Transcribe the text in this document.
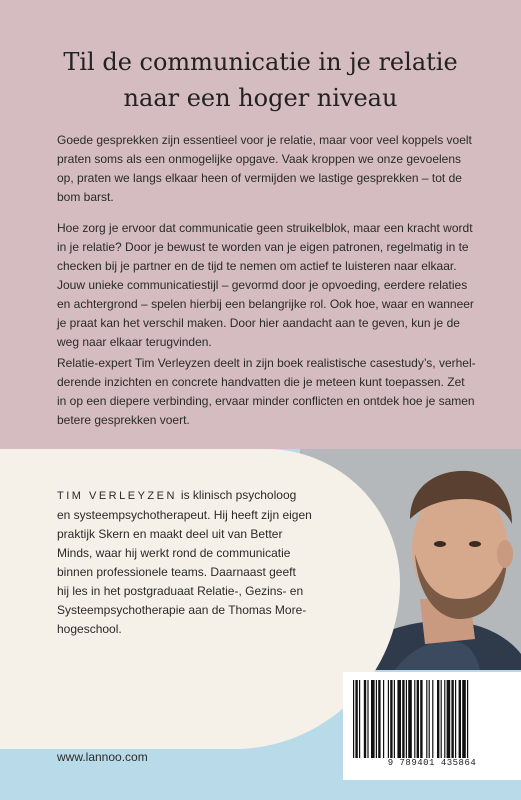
Til de communicatie in je relatie
naar een hoger niveau
Goede gesprekken zijn essentieel voor je relatie, maar voor veel koppels voelt
praten soms als een onmogelijke opgave. Vaak kroppen we onze gevoelens
op, praten we langs elkaar heen of vermijden we lastige gesprekken – tot de
bom barst.
Hoe zorg je ervoor dat communicatie geen struikelblok, maar een kracht wordt
in je relatie? Door je bewust te worden van je eigen patronen, regelmatig in te
checken bij je partner en de tijd te nemen om actief te luisteren naar elkaar.
Jouw unieke communicatiestijl – gevormd door je opvoeding, eerdere relaties
en achtergrond – spelen hierbij een belangrijke rol. Ook hoe, waar en wanneer
je praat kan het verschil maken. Door hier aandacht aan te geven, kun je de
weg naar elkaar terugvinden.
Relatie-expert Tim Verleyzen deelt in zijn boek realistische casestudy’s, verhel-
derende inzichten en concrete handvatten die je meteen kunt toepassen. Zet
in op een diepere verbinding, ervaar minder conflicten en ontdek hoe je samen
betere gesprekken voert.
TIM VERLEYZEN is klinisch psycholoog
en systeempsychotherapeut. Hij heeft zijn eigen
praktijk Skern en maakt deel uit van Better
Minds, waar hij werkt rond de communicatie
binnen professionele teams. Daarnaast geeft
hij les in het postgraduaat Relatie-, Gezins- en
Systeempsychotherapie aan de Thomas More-
hogeschool.
9 789401 435864
www.lannoo.com
